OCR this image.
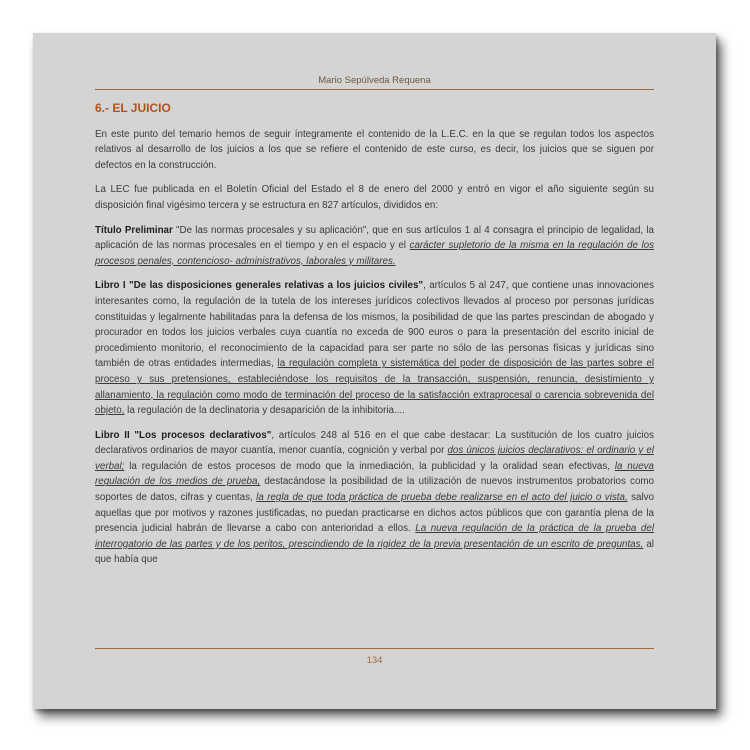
Mario Sepúlveda Requena
6.- EL JUICIO

En este punto del temario hemos de seguir íntegramente el contenido de la L.E.C. en la que se regulan todos los aspectos relativos al desarrollo de los juicios a los que se refiere el contenido de este curso, es decir, los juicios que se siguen por defectos en la construcción.

La LEC fue publicada en el Boletín Oficial del Estado el 8 de enero del 2000 y entró en vigor el año siguiente según su disposición final vigésimo tercera y se estructura en 827 artículos, divididos en:

Título Preliminar "De las normas procesales y su aplicación", que en sus artículos 1 al 4 consagra el principio de legalidad, la aplicación de las normas procesales en el tiempo y en el espacio y el carácter supletorio de la misma en la regulación de los procesos penales, contencioso- administrativos, laborales y militares.

Libro I "De las disposiciones generales relativas a los juicios civiles", artículos 5 al 247, que contiene unas innovaciones interesantes como, la regulación de la tutela de los intereses jurídicos colectivos llevados al proceso por personas jurídicas constituidas y legalmente habilitadas para la defensa de los mismos, la posibilidad de que las partes prescindan de abogado y procurador en todos los juicios verbales cuya cuantía no exceda de 900 euros o para la presentación del escrito inicial de procedimiento monitorio, el reconocimiento de la capacidad para ser parte no sólo de las personas físicas y jurídicas sino también de otras entidades intermedias, la regulación completa y sistemática del poder de disposición de las partes sobre el proceso y sus pretensiones, estableciéndose los requisitos de la transacción, suspensión, renuncia, desistimiento y allanamiento, la regulación como modo de terminación del proceso de la satisfacción extraprocesal o carencia sobrevenida del objeto, la regulación de la declinatoria y desaparición de la inhibitoria....

Libro II "Los procesos declarativos", artículos 248 al 516 en el que cabe destacar: La sustitución de los cuatro juicios declarativos ordinarios de mayor cuantía, menor cuantía, cognición y verbal por dos únicos juicios declarativos: el ordinario y el verbal; la regulación de estos procesos de modo que la inmediación, la publicidad y la oralidad sean efectivas, la nueva regulación de los medios de prueba, destacándose la posibilidad de la utilización de nuevos instrumentos probatorios como soportes de datos, cifras y cuentas, la regla de que toda práctica de prueba debe realizarse en el acto del juicio o vista, salvo aquellas que por motivos y razones justificadas, no puedan practicarse en dichos actos públicos que con garantía plena de la presencia judicial habrán de llevarse a cabo con anterioridad a ellos. La nueva regulación de la práctica de la prueba del interrogatorio de las partes y de los peritos, prescindiendo de la rigidez de la previa presentación de un escrito de preguntas, al que había que

134
